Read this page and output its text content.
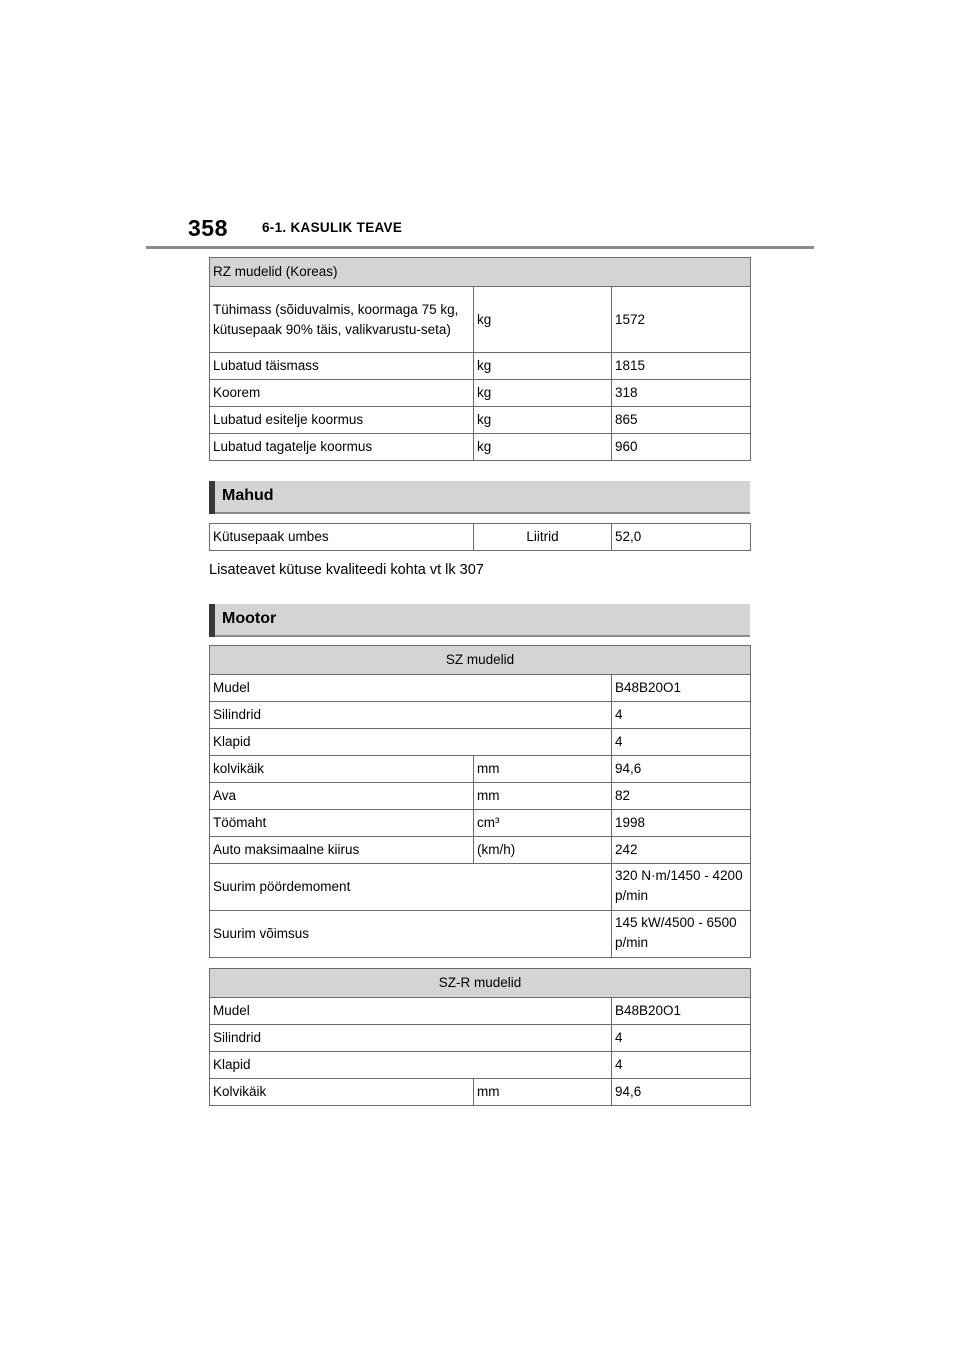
358	6-1. KASULIK TEAVE
RZ mudelid (Koreas)		
Tühimass (sõiduvalmis, koormaga 75 kg, kütusepaak 90% täis, valikvarustu-seta)	kg	1572
Lubatud täismass	kg	1815
Koorem	kg	318
Lubatud esitelje koormus	kg	865
Lubatud tagatelje koormus	kg	960
Mahud
Kütusepaak umbes	Liitrid	52,0
Lisateavet kütuse kvaliteedi kohta vt lk 307
Mootor
SZ mudelid		
Mudel		B48B20O1
Silindrid		4
Klapid		4
kolvikäik	mm	94,6
Ava	mm	82
Töömaht	cm³	1998
Auto maksimaalne kiirus	(km/h)	242
Suurim pöördemoment		320 N·m/1450 - 4200 p/min
Suurim võimsus		145 kW/4500 - 6500 p/min
SZ-R mudelid		
Mudel		B48B20O1
Silindrid		4
Klapid		4
Kolvikäik	mm	94,6
